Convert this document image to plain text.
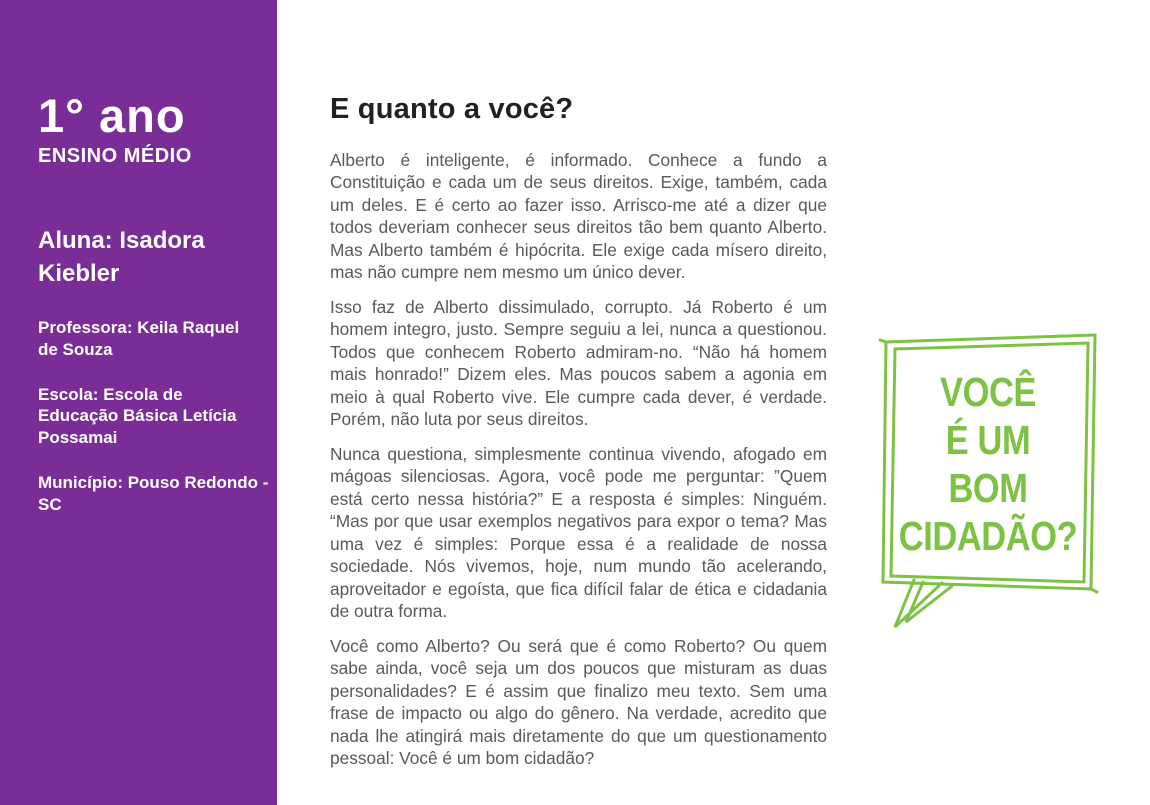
1° ano
ENSINO MÉDIO
Aluna: Isadora Kiebler
Professora: Keila Raquel de Souza
Escola: Escola de Educação Básica Letícia Possamai
Município: Pouso Redondo - SC
E quanto a você?

Alberto é inteligente, é informado. Conhece a fundo a Constituição e cada um de seus direitos. Exige, também, cada um deles. E é certo ao fazer isso. Arrisco-me até a dizer que todos deveriam conhecer seus direitos tão bem quanto Alberto. Mas Alberto também é hipócrita. Ele exige cada mísero direito, mas não cumpre nem mesmo um único dever.

Isso faz de Alberto dissimulado, corrupto. Já Roberto é um homem integro, justo. Sempre seguiu a lei, nunca a questionou. Todos que conhecem Roberto admiram-no. “Não há homem mais honrado!” Dizem eles. Mas poucos sabem a agonia em meio à qual Roberto vive. Ele cumpre cada dever, é verdade. Porém, não luta por seus direitos.

Nunca questiona, simplesmente continua vivendo, afogado em mágoas silenciosas. Agora, você pode me perguntar: ”Quem está certo nessa história?” E a resposta é simples: Ninguém. “Mas por que usar exemplos negativos para expor o tema? Mas uma vez é simples: Porque essa é a realidade de nossa sociedade. Nós vivemos, hoje, num mundo tão acelerando, aproveitador e egoísta, que fica difícil falar de ética e cidadania de outra forma.

Você como Alberto? Ou será que é como Roberto? Ou quem sabe ainda, você seja um dos poucos que misturam as duas personalidades? E é assim que finalizo meu texto. Sem uma frase de impacto ou algo do gênero. Na verdade, acredito que nada lhe atingirá mais diretamente do que um questionamento pessoal: Você é um bom cidadão?

VOCÊ
É UM
BOM
CIDADÃO?
